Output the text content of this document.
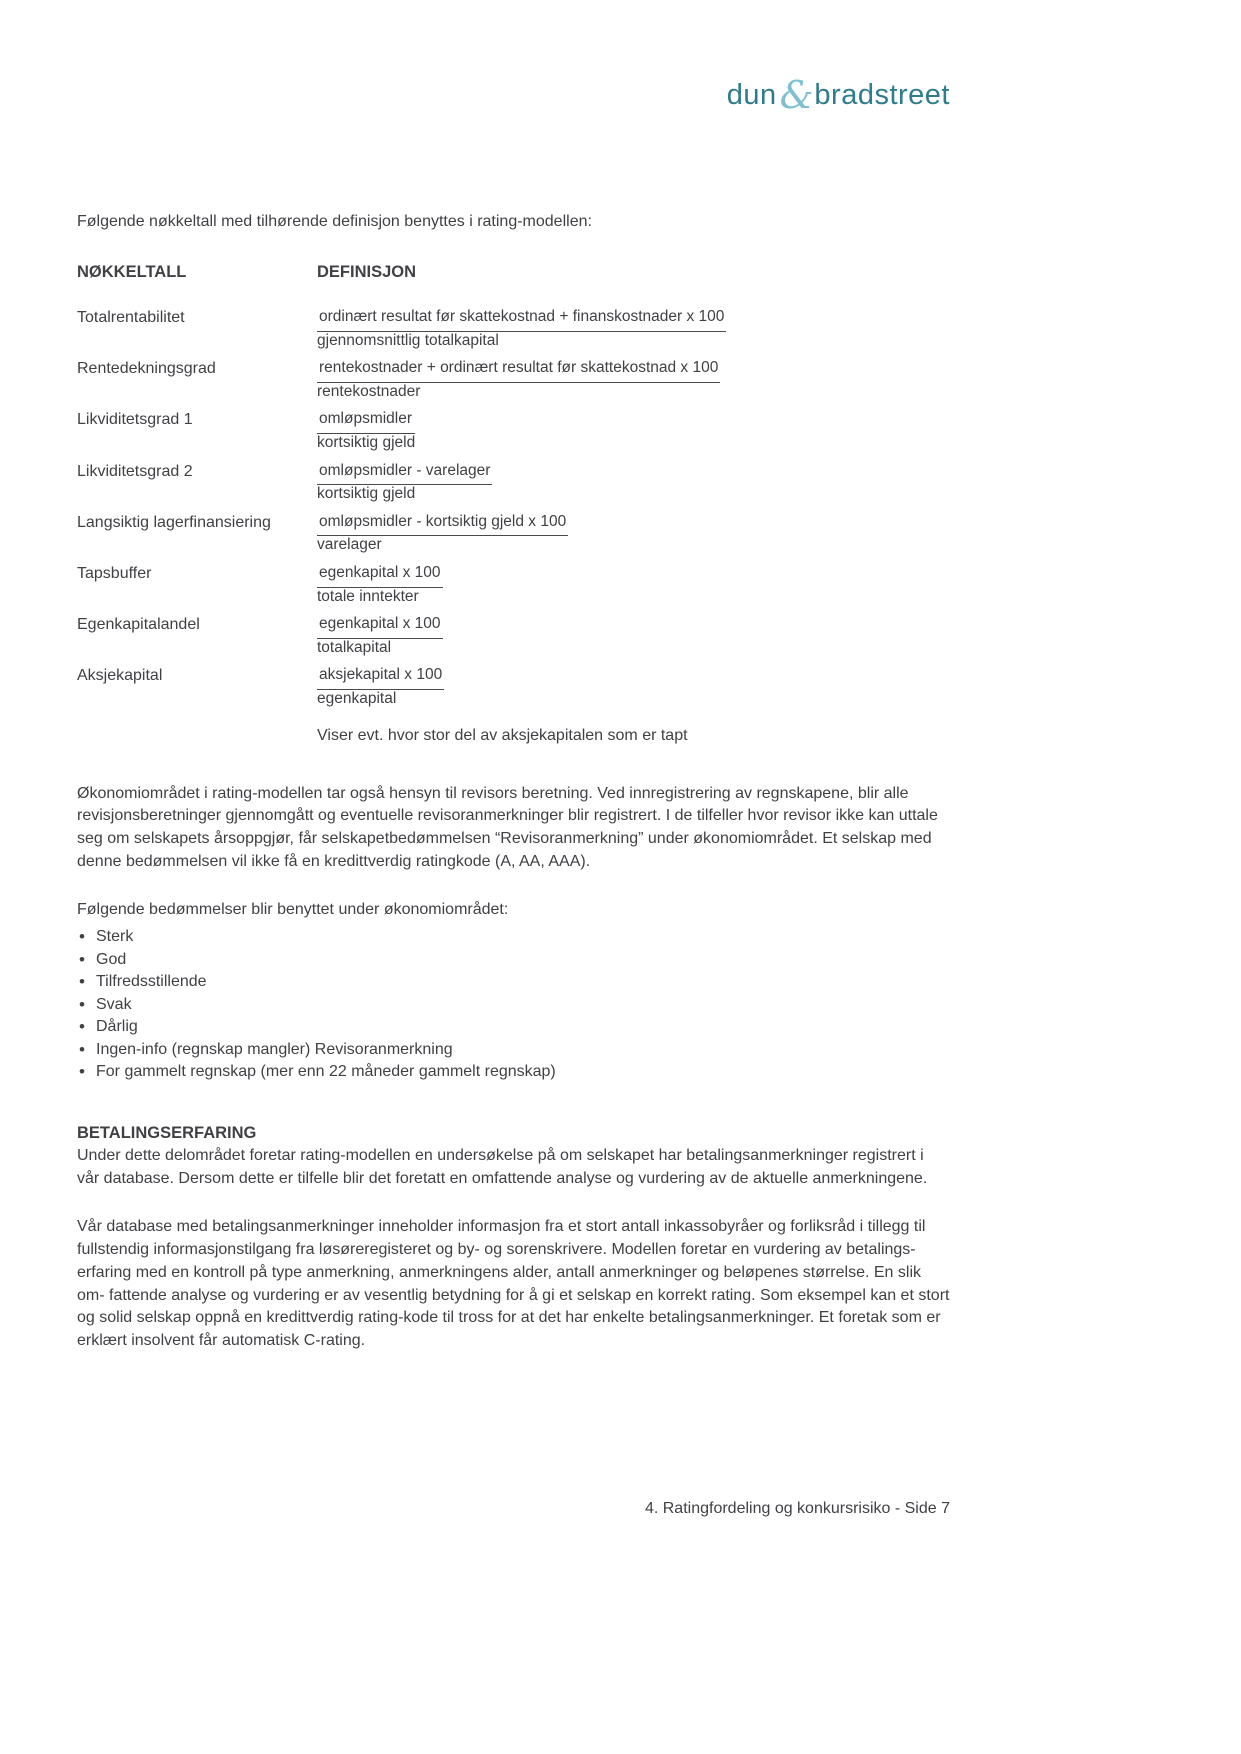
dun&bradstreet

Følgende nøkkeltall med tilhørende definisjon benyttes i rating-modellen:

NØKKELTALL	DEFINISJON
Totalrentabilitet	$\frac{\text{ordinært resultat før skattekostnad + finanskostnader x 100}}{\text{gjennomsnittlig totalkapital}}$
Rentedekningsgrad	$\frac{\text{rentekostnader + ordinært resultat før skattekostnad x 100}}{\text{rentekostnader}}$
Likviditetsgrad 1	$\frac{\text{omløpsmidler}}{\text{kortsiktig gjeld}}$
Likviditetsgrad 2	$\frac{\text{omløpsmidler - varelager}}{\text{kortsiktig gjeld}}$
Langsiktig lagerfinansiering	$\frac{\text{omløpsmidler - kortsiktig gjeld x 100}}{\text{varelager}}$
Tapsbuffer	$\frac{\text{egenkapital x 100}}{\text{totale inntekter}}$
Egenkapitalandel	$\frac{\text{egenkapital x 100}}{\text{totalkapital}}$
Aksjekapital	$\frac{\text{aksjekapital x 100}}{\text{egenkapital}}$
Viser evt. hvor stor del av aksjekapitalen som er tapt

Økonomiområdet i rating-modellen tar også hensyn til revisors beretning. Ved innregistrering av regnskapene, blir alle revisjonsberetninger gjennomgått og eventuelle revisoranmerkninger blir registrert. I de tilfeller hvor revisor ikke kan uttale seg om selskapets årsoppgjør, får selskapetbedømmelsen “Revisoranmerkning” under økonomiområdet. Et selskap med denne bedømmelsen vil ikke få en kredittverdig ratingkode (A, AA, AAA).

Følgende bedømmelser blir benyttet under økonomiområdet:

• Sterk
• God
• Tilfredsstillende
• Svak
• Dårlig
• Ingen-info (regnskap mangler) Revisoranmerkning
• For gammelt regnskap (mer enn 22 måneder gammelt regnskap)
BETALINGSERFARING

Under dette delområdet foretar rating-modellen en undersøkelse på om selskapet har betalingsanmerkninger registrert i vår database. Dersom dette er tilfelle blir det foretatt en omfattende analyse og vurdering av de aktuelle anmerkningene.

Vår database med betalingsanmerkninger inneholder informasjon fra et stort antall inkassobyråer og forliksråd i tillegg til fullstendig informasjonstilgang fra løsøreregisteret og by- og sorenskrivere. Modellen foretar en vurdering av betalings- erfaring med en kontroll på type anmerkning, anmerkningens alder, antall anmerkninger og beløpenes størrelse. En slik om- fattende analyse og vurdering er av vesentlig betydning for å gi et selskap en korrekt rating. Som eksempel kan et stort og solid selskap oppnå en kredittverdig rating-kode til tross for at det har enkelte betalingsanmerkninger. Et foretak som er erklært insolvent får automatisk C-rating.

4. Ratingfordeling og konkursrisiko - Side 7
